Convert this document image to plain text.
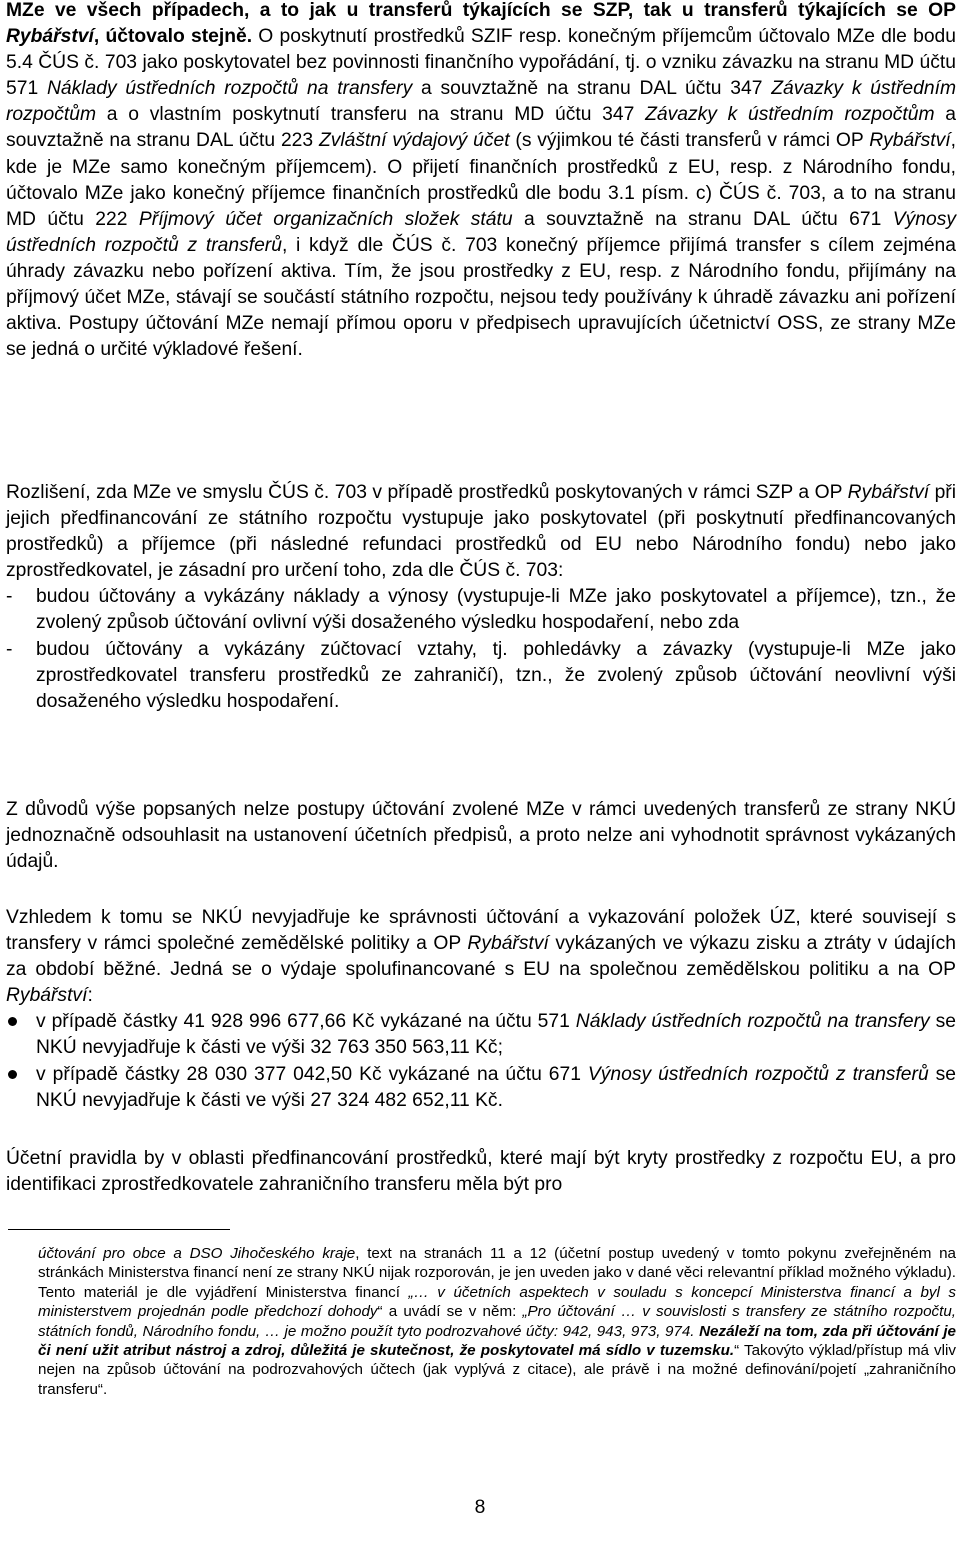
MZe ve všech případech, a to jak u transferů týkajících se SZP, tak u transferů týkajících se OP Rybářství, účtovalo stejně. O poskytnutí prostředků SZIF resp. konečným příjemcům účtovalo MZe dle bodu 5.4 ČÚS č. 703 jako poskytovatel bez povinnosti finančního vypořádání, tj. o vzniku závazku na stranu MD účtu 571 Náklady ústředních rozpočtů na transfery a souvztažně na stranu DAL účtu 347 Závazky k ústředním rozpočtům a o vlastním poskytnutí transferu na stranu MD účtu 347 Závazky k ústředním rozpočtům a souvztažně na stranu DAL účtu 223 Zvláštní výdajový účet (s výjimkou té části transferů v rámci OP Rybářství, kde je MZe samo konečným příjemcem). O přijetí finančních prostředků z EU, resp. z Národního fondu, účtovalo MZe jako konečný příjemce finančních prostředků dle bodu 3.1 písm. c) ČÚS č. 703, a to na stranu MD účtu 222 Příjmový účet organizačních složek státu a souvztažně na stranu DAL účtu 671 Výnosy ústředních rozpočtů z transferů, i když dle ČÚS č. 703 konečný příjemce přijímá transfer s cílem zejména úhrady závazku nebo pořízení aktiva. Tím, že jsou prostředky z EU, resp. z Národního fondu, přijímány na příjmový účet MZe, stávají se součástí státního rozpočtu, nejsou tedy používány k úhradě závazku ani pořízení aktiva. Postupy účtování MZe nemají přímou oporu v předpisech upravujících účetnictví OSS, ze strany MZe se jedná o určité výkladové řešení.

Rozlišení, zda MZe ve smyslu ČÚS č. 703 v případě prostředků poskytovaných v rámci SZP a OP Rybářství při jejich předfinancování ze státního rozpočtu vystupuje jako poskytovatel (při poskytnutí předfinancovaných prostředků) a příjemce (při následné refundaci prostředků od EU nebo Národního fondu) nebo jako zprostředkovatel, je zásadní pro určení toho, zda dle ČÚS č. 703:
- budou účtovány a vykázány náklady a výnosy (vystupuje-li MZe jako poskytovatel a příjemce), tzn., že zvolený způsob účtování ovlivní výši dosaženého výsledku hospodaření, nebo zda
- budou účtovány a vykázány zúčtovací vztahy, tj. pohledávky a závazky (vystupuje-li MZe jako zprostředkovatel transferu prostředků ze zahraničí), tzn., že zvolený způsob účtování neovlivní výši dosaženého výsledku hospodaření.

Z důvodů výše popsaných nelze postupy účtování zvolené MZe v rámci uvedených transferů ze strany NKÚ jednoznačně odsouhlasit na ustanovení účetních předpisů, a proto nelze ani vyhodnotit správnost vykázaných údajů.

Vzhledem k tomu se NKÚ nevyjadřuje ke správnosti účtování a vykazování položek ÚZ, které souvisejí s transfery v rámci společné zemědělské politiky a OP Rybářství vykázaných ve výkazu zisku a ztráty v údajích za období běžné. Jedná se o výdaje spolufinancované s EU na společnou zemědělskou politiku a na OP Rybářství:
v případě částky 41 928 996 677,66 Kč vykázané na účtu 571 Náklady ústředních rozpočtů na transfery se NKÚ nevyjadřuje k části ve výši 32 763 350 563,11 Kč;
v případě částky 28 030 377 042,50 Kč vykázané na účtu 671 Výnosy ústředních rozpočtů z transferů se NKÚ nevyjadřuje k části ve výši 27 324 482 652,11 Kč.

Účetní pravidla by v oblasti předfinancování prostředků, které mají být kryty prostředky z rozpočtu EU, a pro identifikaci zprostředkovatele zahraničního transferu měla být pro

účtování pro obce a DSO Jihočeského kraje, text na stranách 11 a 12 (účetní postup uvedený v tomto pokynu zveřejněném na stránkách Ministerstva financí není ze strany NKÚ nijak rozporován, je jen uveden jako v dané věci relevantní příklad možného výkladu). Tento materiál je dle vyjádření Ministerstva financí „… v účetních aspektech v souladu s koncepcí Ministerstva financí a byl s ministerstvem projednán podle předchozí dohody“ a uvádí se v něm: „Pro účtování … v souvislosti s transfery ze státního rozpočtu, státních fondů, Národního fondu, … je možno použít tyto podrozvahové účty: 942, 943, 973, 974. Nezáleží na tom, zda při účtování je či není užit atribut nástroj a zdroj, důležitá je skutečnost, že poskytovatel má sídlo v tuzemsku.“ Takovýto výklad/přístup má vliv nejen na způsob účtování na podrozvahových účtech (jak vyplývá z citace), ale právě i na možné definování/pojetí „zahraničního transferu“.

8
